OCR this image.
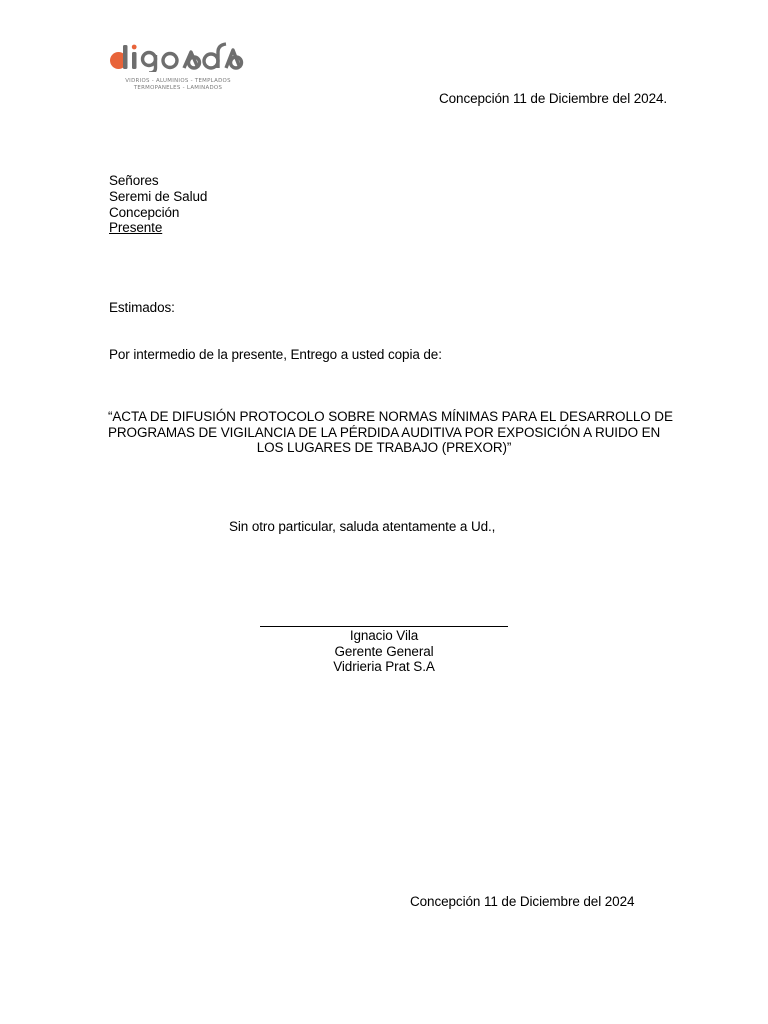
VIDRIOS - ALUMINIOS - TEMPLADOS
TERMOPANELES - LAMINADOS
Concepción 11 de Diciembre del 2024.
Señores
Seremi de Salud
Concepción
Presente
Estimados:
Por intermedio de la presente, Entrego a usted copia de:
“ACTA DE DIFUSIÓN PROTOCOLO SOBRE NORMAS MÍNIMAS PARA EL DESARROLLO DE
PROGRAMAS DE VIGILANCIA DE LA PÉRDIDA AUDITIVA POR EXPOSICIÓN A RUIDO EN
LOS LUGARES DE TRABAJO (PREXOR)”
Sin otro particular, saluda atentamente a Ud.,
Ignacio Vila
Gerente General
Vidrieria Prat S.A
Concepción 11 de Diciembre del 2024
